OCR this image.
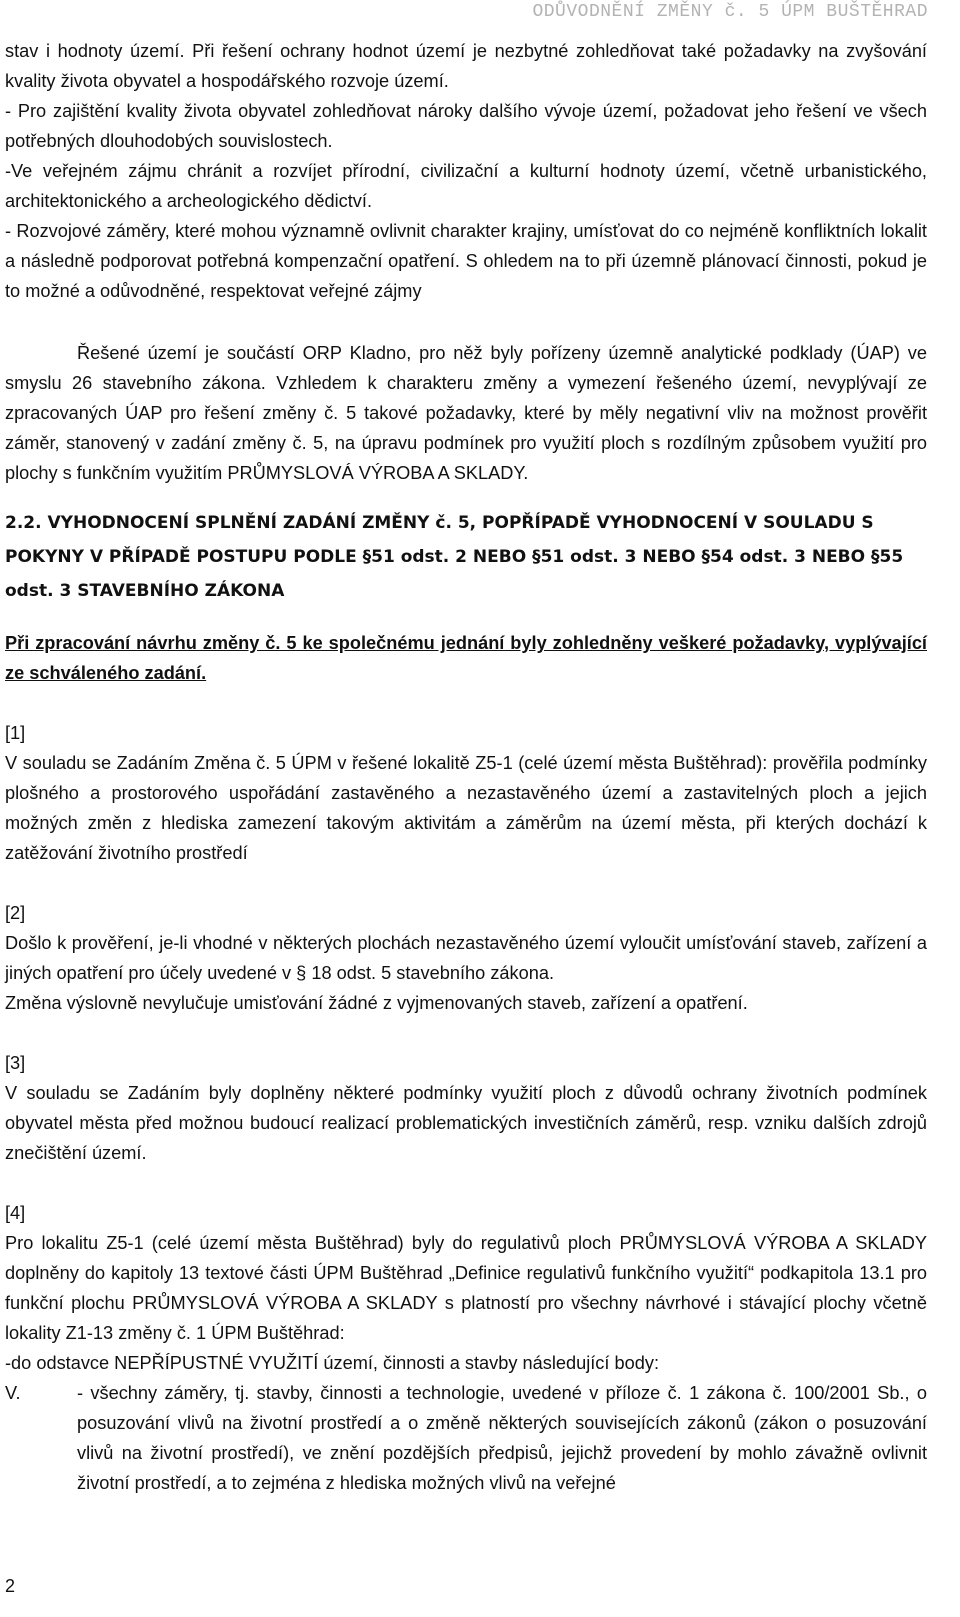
ODŮVODNĚNÍ ZMĚNY č. 5 ÚPM BUŠTĚHRAD

stav i hodnoty území. Při řešení ochrany hodnot území je nezbytné zohledňovat také požadavky na zvyšování kvality života obyvatel a hospodářského rozvoje území.

- Pro zajištění kvality života obyvatel zohledňovat nároky dalšího vývoje území, požadovat jeho řešení ve všech potřebných dlouhodobých souvislostech.

-Ve veřejném zájmu chránit a rozvíjet přírodní, civilizační a kulturní hodnoty území, včetně urbanistického, architektonického a archeologického dědictví.

- Rozvojové záměry, které mohou významně ovlivnit charakter krajiny, umísťovat do co nejméně konfliktních lokalit a následně podporovat potřebná kompenzační opatření. S ohledem na to při územně plánovací činnosti, pokud je to možné a odůvodněné, respektovat veřejné zájmy

Řešené území je součástí ORP Kladno, pro něž byly pořízeny územně analytické podklady (ÚAP) ve smyslu 26 stavebního zákona. Vzhledem k charakteru změny a vymezení řešeného území, nevyplývají ze zpracovaných ÚAP pro řešení změny č. 5 takové požadavky, které by měly negativní vliv na možnost prověřit záměr, stanovený v zadání změny č. 5, na úpravu podmínek pro využití ploch s rozdílným způsobem využití pro plochy s funkčním využitím PRŮMYSLOVÁ VÝROBA A SKLADY.

2.2. VYHODNOCENÍ SPLNĚNÍ ZADÁNÍ ZMĚNY č. 5, POPŘÍPADĚ VYHODNOCENÍ V SOULADU S POKYNY V PŘÍPADĚ POSTUPU PODLE §51 odst. 2 NEBO §51 odst. 3 NEBO §54 odst. 3 NEBO §55 odst. 3 STAVEBNÍHO ZÁKONA

Při zpracování návrhu změny č. 5 ke společnému jednání byly zohledněny veškeré požadavky, vyplývající ze schváleného zadání.

[1]

V souladu se Zadáním Změna č. 5 ÚPM v řešené lokalitě Z5-1 (celé území města Buštěhrad): prověřila podmínky plošného a prostorového uspořádání zastavěného a nezastavěného území a zastavitelných ploch a jejich možných změn z hlediska zamezení takovým aktivitám a záměrům na území města, při kterých dochází k zatěžování životního prostředí

[2]

Došlo k prověření, je-li vhodné v některých plochách nezastavěného území vyloučit umísťování staveb, zařízení a jiných opatření pro účely uvedené v § 18 odst. 5 stavebního zákona.

Změna výslovně nevylučuje umisťování žádné z vyjmenovaných staveb, zařízení a opatření.

[3]

V souladu se Zadáním byly doplněny některé podmínky využití ploch z důvodů ochrany životních podmínek obyvatel města před možnou budoucí realizací problematických investičních záměrů, resp. vzniku dalších zdrojů znečištění území.

[4]

Pro lokalitu Z5-1 (celé území města Buštěhrad) byly do regulativů ploch PRŮMYSLOVÁ VÝROBA A SKLADY doplněny do kapitoly 13 textové části ÚPM Buštěhrad „Definice regulativů funkčního využití“ podkapitola 13.1 pro funkční plochu PRŮMYSLOVÁ VÝROBA A SKLADY s platností pro všechny návrhové i stávající plochy včetně lokality Z1-13 změny č. 1 ÚPM Buštěhrad:

-do odstavce NEPŘÍPUSTNÉ VYUŽITÍ území, činnosti a stavby následující body:

V.	- všechny záměry, tj. stavby, činnosti a technologie, uvedené v příloze č. 1 zákona č. 100/2001 Sb., o posuzování vlivů na životní prostředí a o změně některých souvisejících zákonů (zákon o posuzování vlivů na životní prostředí), ve znění pozdějších předpisů, jejichž provedení by mohlo závažně ovlivnit životní prostředí, a to zejména z hlediska možných vlivů na veřejné
2
